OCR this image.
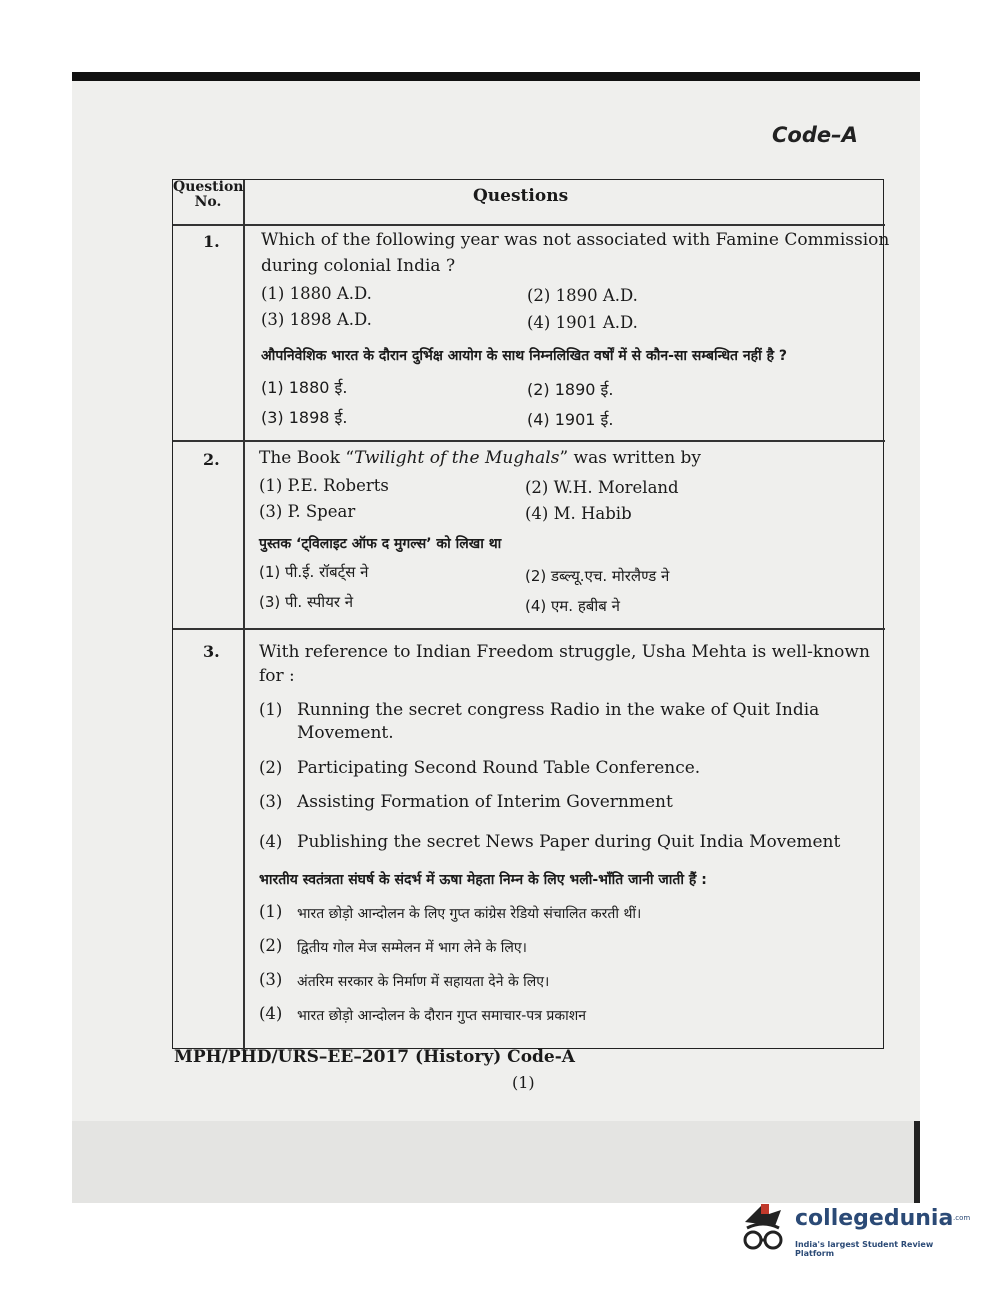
Code–A
Question No.	Questions
1. Which of the following year was not associated with Famine Commission
during colonial India ?
(1) 1880 A.D.	(2) 1890 A.D.
(3) 1898 A.D.	(4) 1901 A.D.
औपनिवेशिक भारत के दौरान दुर्भिक्ष आयोग के साथ निम्नलिखित वर्षों में से कौन-सा सम्बन्धित नहीं है ?
(1) 1880 ई.	(2) 1890 ई.
(3) 1898 ई.	(4) 1901 ई.
2. The Book “Twilight of the Mughals” was written by
(1) P.E. Roberts	(2) W.H. Moreland
(3) P. Spear	(4) M. Habib
पुस्तक ‘ट्विलाइट ऑफ द मुगल्स’ को लिखा था
(1) पी.ई. रॉबर्ट्स ने	(2) डब्ल्यू.एच. मोरलैण्ड ने
(3) पी. स्पीयर ने	(4) एम. हबीब ने
3. With reference to Indian Freedom struggle, Usha Mehta is well-known
for :
(1) Running the secret congress Radio in the wake of Quit India
Movement.
(2) Participating Second Round Table Conference.
(3) Assisting Formation of Interim Government
(4) Publishing the secret News Paper during Quit India Movement
भारतीय स्वतंत्रता संघर्ष के संदर्भ में ऊषा मेहता निम्न के लिए भली-भाँति जानी जाती हैं :
(1) भारत छोड़ो आन्दोलन के लिए गुप्त कांग्रेस रेडियो संचालित करती थीं।
(2) द्वितीय गोल मेज सम्मेलन में भाग लेने के लिए।
(3) अंतरिम सरकार के निर्माण में सहायता देने के लिए।
(4) भारत छोड़ो आन्दोलन के दौरान गुप्त समाचार-पत्र प्रकाशन
MPH/PHD/URS–EE–2017 (History) Code-A
(1)
collegedunia .com
India's largest Student Review Platform
